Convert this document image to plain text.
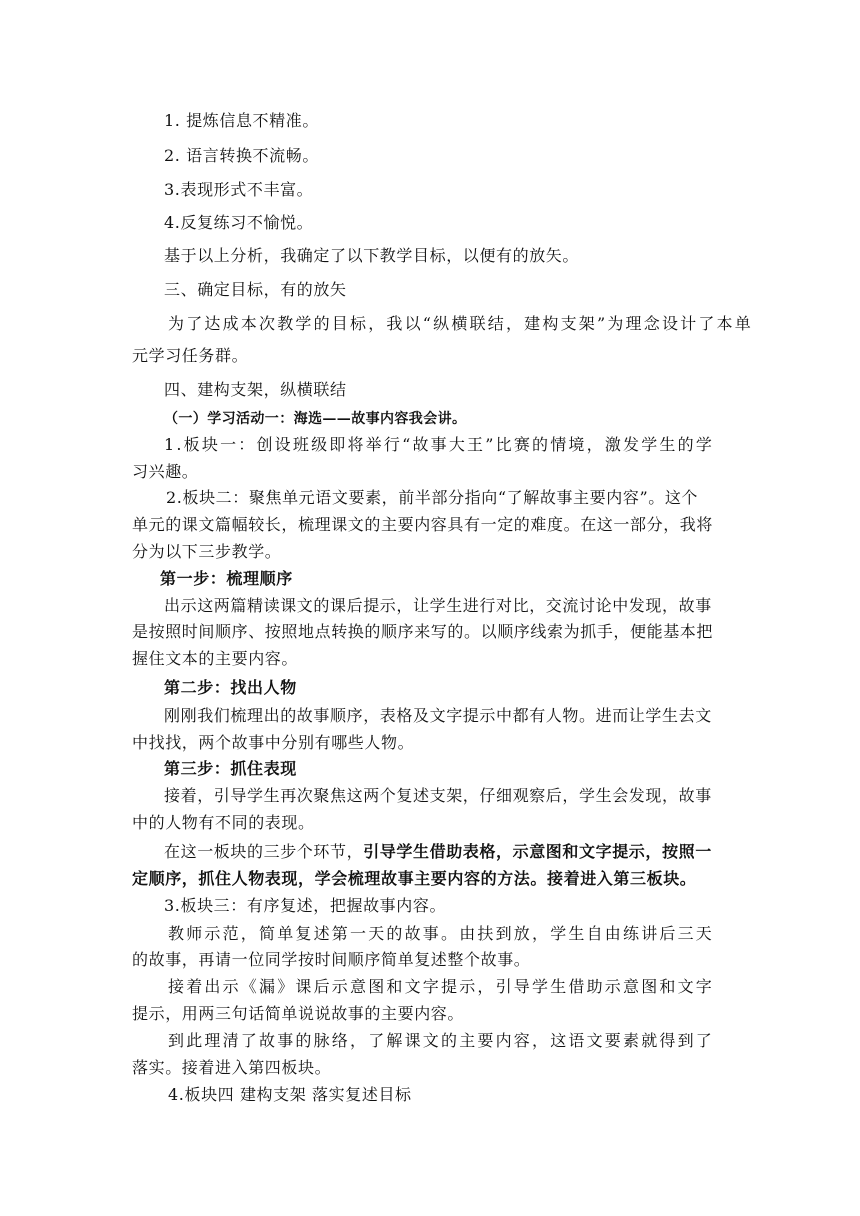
1. 提炼信息不精准。
2. 语言转换不流畅。
3.表现形式不丰富。
4.反复练习不愉悦。
基于以上分析，我确定了以下教学目标，以便有的放矢。
三、确定目标，有的放矢
为了达成本次教学的目标，我以“纵横联结，建构支架”为理念设计了本单
元学习任务群。
四、建构支架，纵横联结
（一）学习活动一：海选——故事内容我会讲。
1.板块一：创设班级即将举行“故事大王”比赛的情境，激发学生的学
习兴趣。
2.板块二：聚焦单元语文要素，前半部分指向“了解故事主要内容”。这个
单元的课文篇幅较长，梳理课文的主要内容具有一定的难度。在这一部分，我将
分为以下三步教学。
第一步：梳理顺序
出示这两篇精读课文的课后提示，让学生进行对比，交流讨论中发现，故事
是按照时间顺序、按照地点转换的顺序来写的。以顺序线索为抓手，便能基本把
握住文本的主要内容。
第二步：找出人物
刚刚我们梳理出的故事顺序，表格及文字提示中都有人物。进而让学生去文
中找找，两个故事中分别有哪些人物。
第三步：抓住表现
接着，引导学生再次聚焦这两个复述支架，仔细观察后，学生会发现，故事
中的人物有不同的表现。
在这一板块的三步个环节，引导学生借助表格，示意图和文字提示，按照一
定顺序，抓住人物表现，学会梳理故事主要内容的方法。接着进入第三板块。
3.板块三：有序复述，把握故事内容。
教师示范，简单复述第一天的故事。由扶到放，学生自由练讲后三天
的故事，再请一位同学按时间顺序简单复述整个故事。
接着出示《漏》课后示意图和文字提示，引导学生借助示意图和文字
提示，用两三句话简单说说故事的主要内容。
到此理清了故事的脉络，了解课文的主要内容，这语文要素就得到了
落实。接着进入第四板块。
4.板块四 建构支架 落实复述目标
